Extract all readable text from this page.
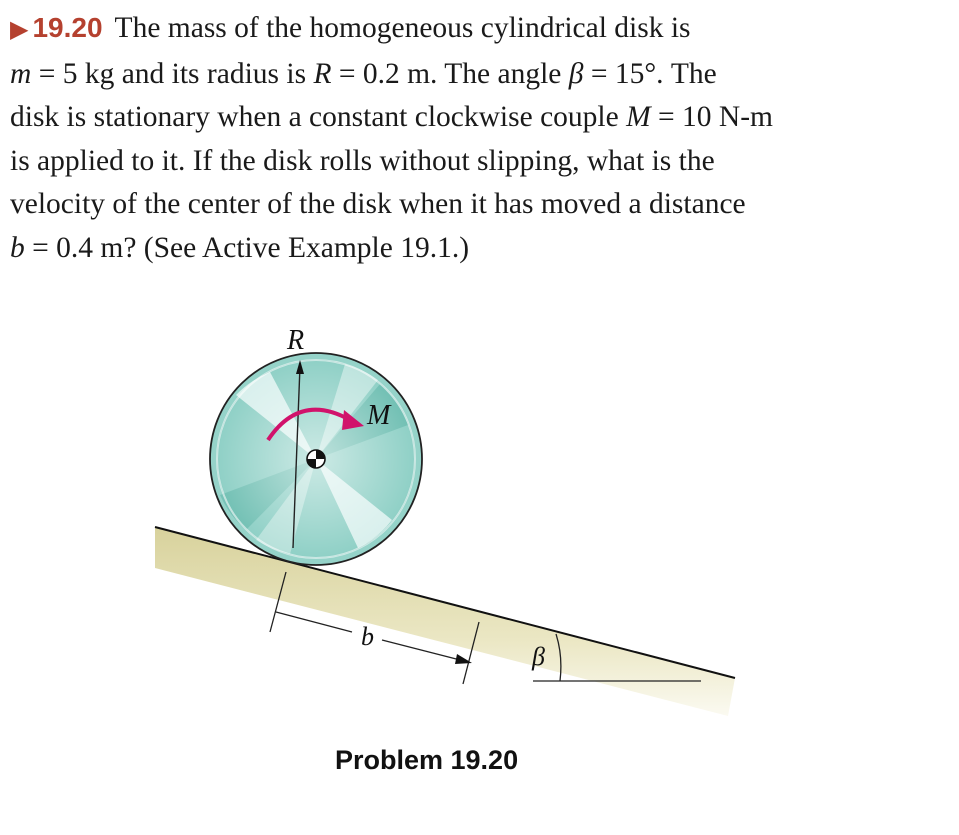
▶ 19.20 The mass of the homogeneous cylindrical disk is
m = 5 kg and its radius is R = 0.2 m. The angle β = 15°. The
disk is stationary when a constant clockwise couple M = 10 N-m
is applied to it. If the disk rolls without slipping, what is the
velocity of the center of the disk when it has moved a distance
b = 0.4 m? (See Active Example 19.1.)
R
M
b
β
Problem 19.20
